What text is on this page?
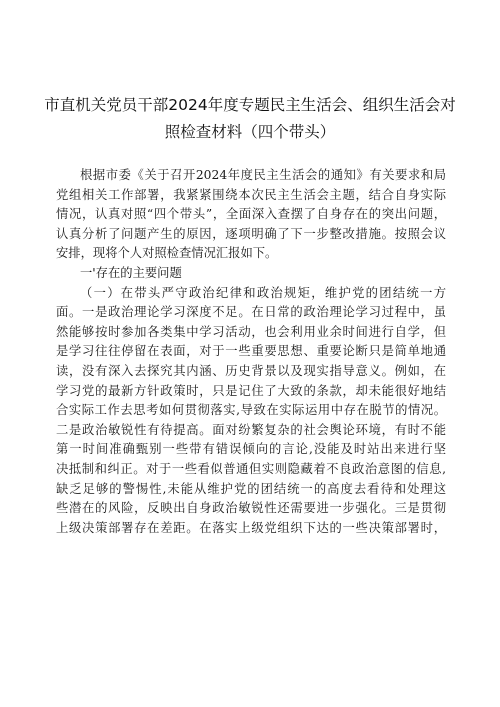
市直机关党员干部2024年度专题民主生活会、组织生活会对
照检查材料（四个带头）
根据市委《关于召开2024年度民主生活会的通知》有关要求和局
党组相关工作部署，我紧紧围绕本次民主生活会主题，结合自身实际
情况，认真对照“四个带头”，全面深入查摆了自身存在的突出问题，
认真分析了问题产生的原因，逐项明确了下一步整改措施。按照会议
安排，现将个人对照检查情况汇报如下。
一'存在的主要问题
（一）在带头严守政治纪律和政治规矩，维护党的团结统一方
面。一是政治理论学习深度不足。在日常的政治理论学习过程中，虽
然能够按时参加各类集中学习活动，也会利用业余时间进行自学，但
是学习往往停留在表面，对于一些重要思想、重要论断只是简单地通
读，没有深入去探究其内涵、历史背景以及现实指导意义。例如，在
学习党的最新方针政策时，只是记住了大致的条款，却未能很好地结
合实际工作去思考如何贯彻落实,导致在实际运用中存在脱节的情况。
二是政治敏锐性有待提高。面对纷繁复杂的社会舆论环境，有时不能
第一时间准确甄别一些带有错误倾向的言论,没能及时站出来进行坚
决抵制和纠正。对于一些看似普通但实则隐藏着不良政治意图的信息,
缺乏足够的警惕性,未能从维护党的团结统一的高度去看待和处理这
些潜在的风险，反映出自身政治敏锐性还需要进一步强化。三是贯彻
上级决策部署存在差距。在落实上级党组织下达的一些决策部署时，
